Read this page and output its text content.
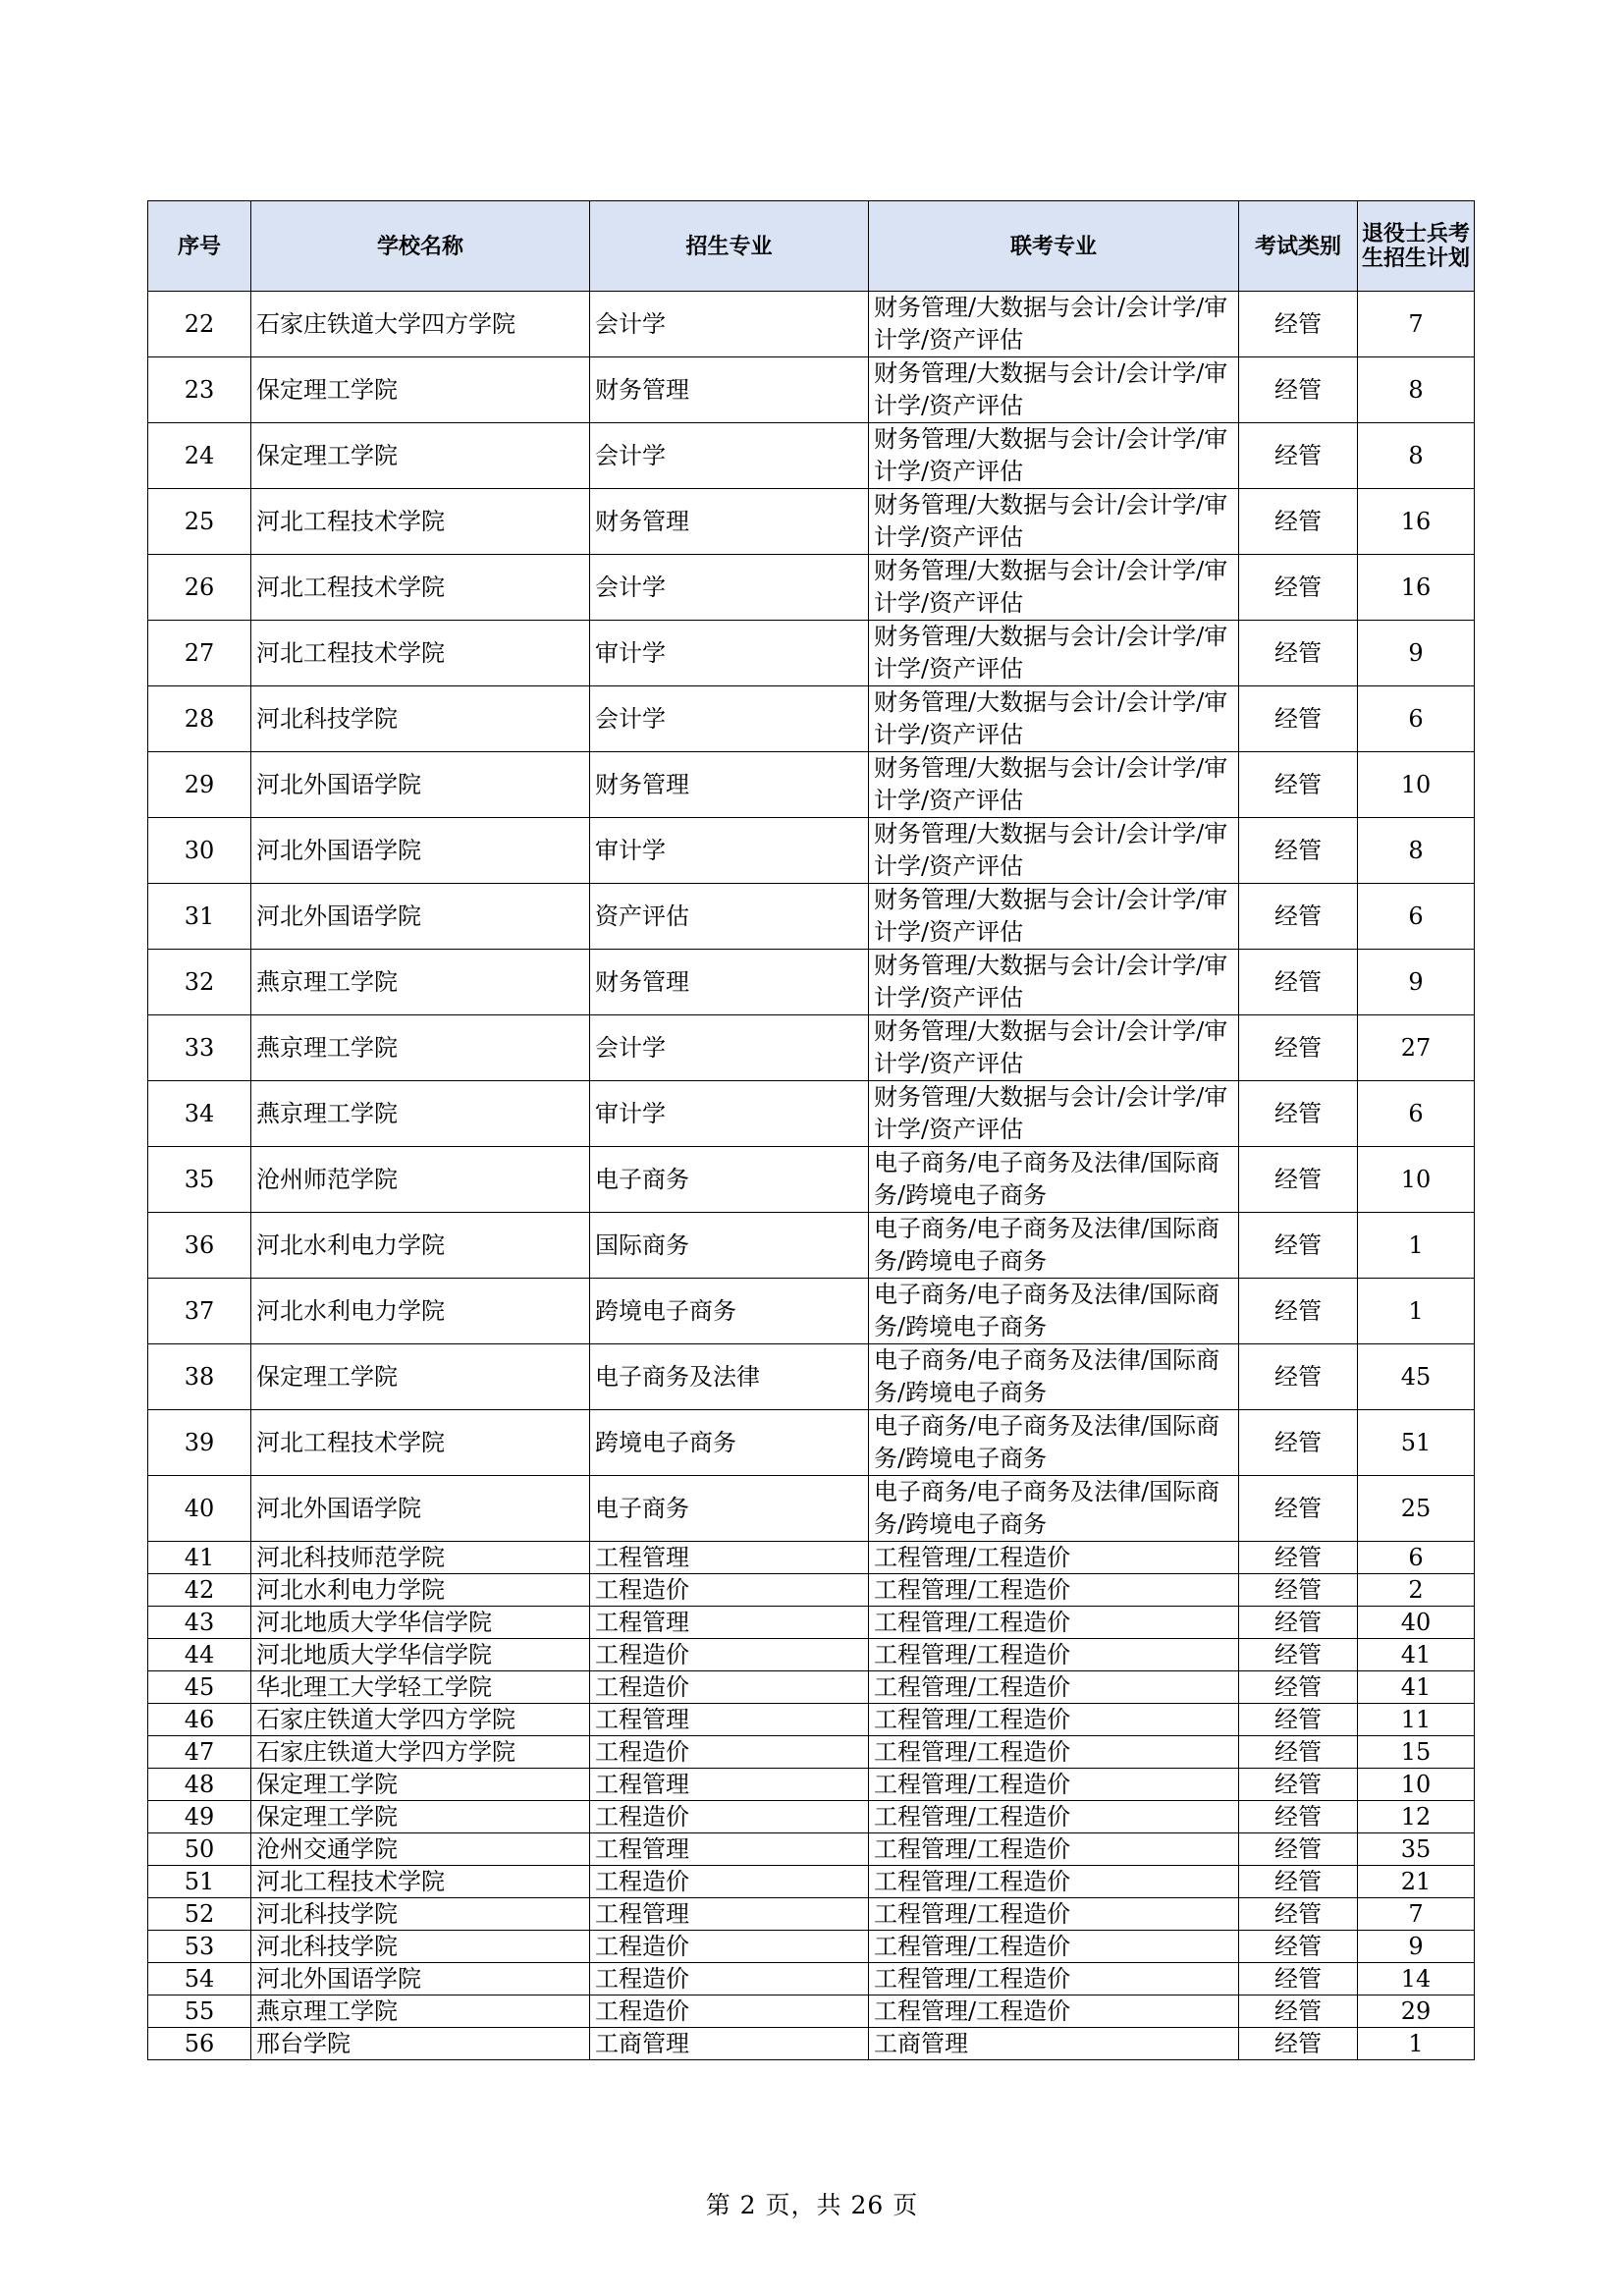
序号	学校名称	招生专业	联考专业	考试类别	退役士兵考生招生计划
22	石家庄铁道大学四方学院	会计学	财务管理/大数据与会计/会计学/审计学/资产评估	经管	7
23	保定理工学院	财务管理	财务管理/大数据与会计/会计学/审计学/资产评估	经管	8
24	保定理工学院	会计学	财务管理/大数据与会计/会计学/审计学/资产评估	经管	8
25	河北工程技术学院	财务管理	财务管理/大数据与会计/会计学/审计学/资产评估	经管	16
26	河北工程技术学院	会计学	财务管理/大数据与会计/会计学/审计学/资产评估	经管	16
27	河北工程技术学院	审计学	财务管理/大数据与会计/会计学/审计学/资产评估	经管	9
28	河北科技学院	会计学	财务管理/大数据与会计/会计学/审计学/资产评估	经管	6
29	河北外国语学院	财务管理	财务管理/大数据与会计/会计学/审计学/资产评估	经管	10
30	河北外国语学院	审计学	财务管理/大数据与会计/会计学/审计学/资产评估	经管	8
31	河北外国语学院	资产评估	财务管理/大数据与会计/会计学/审计学/资产评估	经管	6
32	燕京理工学院	财务管理	财务管理/大数据与会计/会计学/审计学/资产评估	经管	9
33	燕京理工学院	会计学	财务管理/大数据与会计/会计学/审计学/资产评估	经管	27
34	燕京理工学院	审计学	财务管理/大数据与会计/会计学/审计学/资产评估	经管	6
35	沧州师范学院	电子商务	电子商务/电子商务及法律/国际商务/跨境电子商务	经管	10
36	河北水利电力学院	国际商务	电子商务/电子商务及法律/国际商务/跨境电子商务	经管	1
37	河北水利电力学院	跨境电子商务	电子商务/电子商务及法律/国际商务/跨境电子商务	经管	1
38	保定理工学院	电子商务及法律	电子商务/电子商务及法律/国际商务/跨境电子商务	经管	45
39	河北工程技术学院	跨境电子商务	电子商务/电子商务及法律/国际商务/跨境电子商务	经管	51
40	河北外国语学院	电子商务	电子商务/电子商务及法律/国际商务/跨境电子商务	经管	25
41	河北科技师范学院	工程管理	工程管理/工程造价	经管	6
42	河北水利电力学院	工程造价	工程管理/工程造价	经管	2
43	河北地质大学华信学院	工程管理	工程管理/工程造价	经管	40
44	河北地质大学华信学院	工程造价	工程管理/工程造价	经管	41
45	华北理工大学轻工学院	工程造价	工程管理/工程造价	经管	41
46	石家庄铁道大学四方学院	工程管理	工程管理/工程造价	经管	11
47	石家庄铁道大学四方学院	工程造价	工程管理/工程造价	经管	15
48	保定理工学院	工程管理	工程管理/工程造价	经管	10
49	保定理工学院	工程造价	工程管理/工程造价	经管	12
50	沧州交通学院	工程管理	工程管理/工程造价	经管	35
51	河北工程技术学院	工程造价	工程管理/工程造价	经管	21
52	河北科技学院	工程管理	工程管理/工程造价	经管	7
53	河北科技学院	工程造价	工程管理/工程造价	经管	9
54	河北外国语学院	工程造价	工程管理/工程造价	经管	14
55	燕京理工学院	工程造价	工程管理/工程造价	经管	29
56	邢台学院	工商管理	工商管理	经管	1
第 2 页，共 26 页
